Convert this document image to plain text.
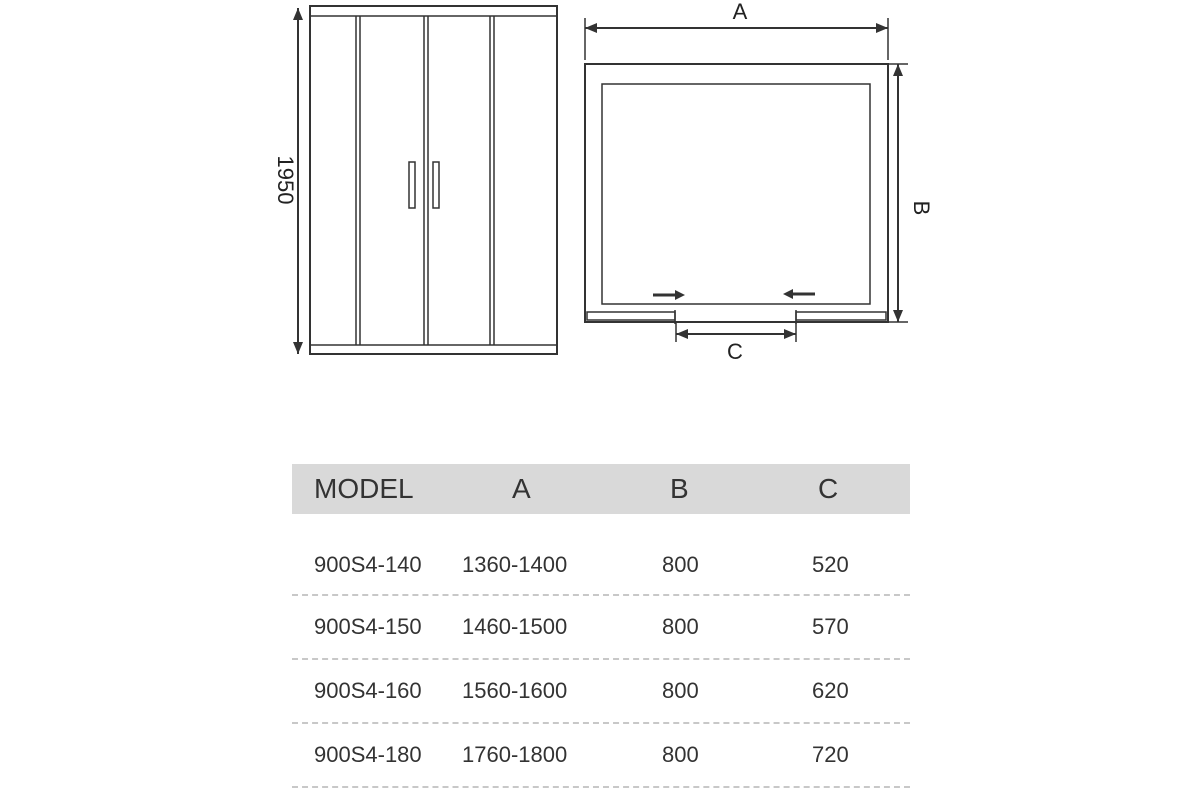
1950
A
B
C
MODEL	A	B	C
900S4-140	1360-1400	800	520
900S4-150	1460-1500	800	570
900S4-160	1560-1600	800	620
900S4-180	1760-1800	800	720
